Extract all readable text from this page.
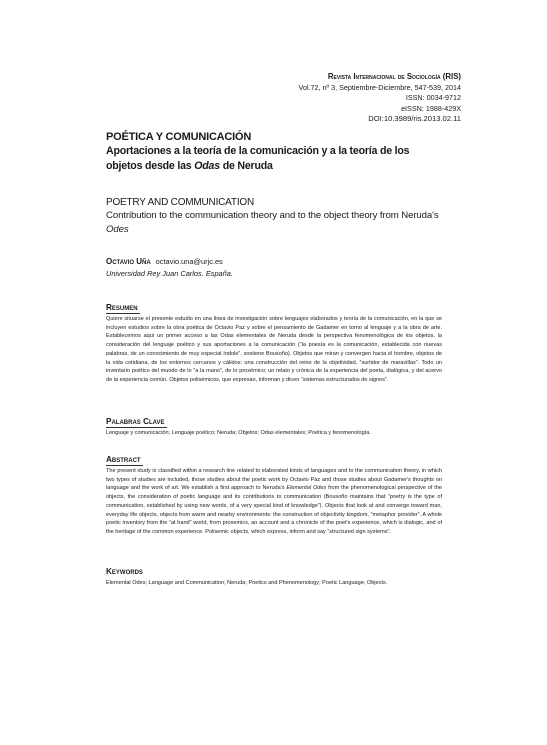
Revista Internacional de Sociología (RIS)
Vol.72, nº 3, Septiembre-Diciembre, 547-539, 2014
ISSN: 0034-9712
eISSN: 1988-429X
DOI:10.3989/ris.2013.02.11
POÉTICA Y COMUNICACIÓN
Aportaciones a la teoría de la comunicación y a la teoría de los objetos desde las Odas de Neruda
POETRY AND COMMUNICATION
Contribution to the communication theory and to the object theory from Neruda's Odes
Octavio Uña octavio.una@urjc.es
Universidad Rey Juan Carlos. España.
Resumen

Quiere situarse el presente estudio en una línea de investigación sobre lenguajes elaborados y teoría de la comunicación, en la que se incluyen estudios sobre la obra poética de Octavio Paz y sobre el pensamiento de Gadamer en torno al lenguaje y a la obra de arte. Establecemos aquí un primer acceso a las Odas elementales de Neruda desde la perspectiva fenomenológica de los objetos, la consideración del lenguaje poético y sus aportaciones a la comunicación (“la poesía es la comunicación, establecida con nuevas palabras, de un conocimiento de muy especial índole”, sostiene Bousoño). Objetos que miran y convergen hacia el hombre, objetos de la vida cotidiana, de los entornos cercanos y cálidos: una construcción del reino de la objetividad, “surtidor de maravillas”. Todo un inventario poético del mundo de lo “a la mano”, de lo proxémico; un relato y crónica de la experiencia del poeta, dialógica, y del acervo de la experiencia común. Objetos polisémicos, que expresan, informan y dicen “sistemas estructurados de signos”.

Palabras Clave

Lenguaje y comunicación; Lenguaje poético; Neruda; Objetos; Odas elementales; Poética y fenomenología.

Abstract

The present study is classified within a research line related to elaborated kinds of languages and to the communication theory, in which two types of studies are included, those studies about the poetic work by Octavio Paz and those studies about Gadamer's thoughts on language and the work of art. We establish a first approach to Neruda's Elemental Odes from the phenomenological perspective of the objects, the consideration of poetic language and its contributions to communication (Bousoño maintains that “poetry is the type of communication, established by using new words, of a very special kind of knowledge”). Objects that look at and converge toward man, everyday life objects, objects from warm and nearby environments: the construction of objectivity kingdom, “metaphor provider”. A whole poetic inventory from the “at hand” world, from proxemics, an account and a chronicle of the poet's experience, which is dialogic, and of the heritage of the common experience. Polisemic objects, which express, inform and say “structured sign systems”.

Keywords

Elemental Odes; Language and Communication; Neruda; Poetics and Phenomenology; Poetic Language; Objects.
